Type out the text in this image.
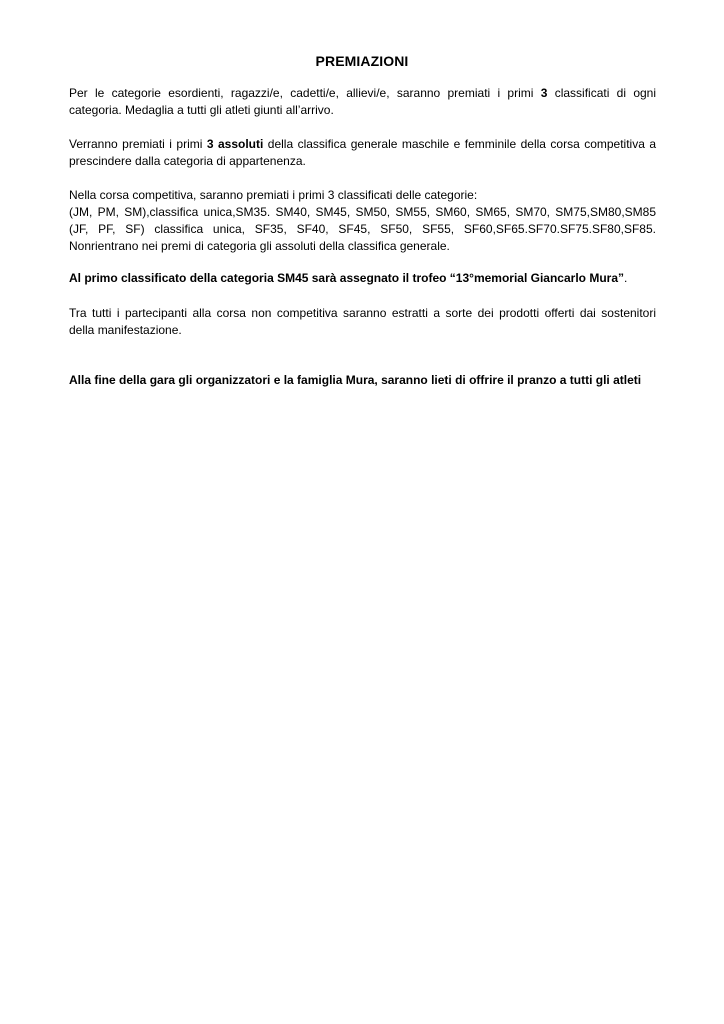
PREMIAZIONI
Per le categorie esordienti, ragazzi/e, cadetti/e, allievi/e, saranno premiati i primi 3 classificati di ogni
categoria. Medaglia a tutti gli atleti giunti all’arrivo.
Verranno premiati i primi 3 assoluti della classifica generale maschile e femminile della corsa competitiva a
prescindere dalla categoria di appartenenza.
Nella corsa competitiva, saranno premiati i primi 3 classificati delle categorie:
(JM, PM, SM),classifica unica,SM35. SM40, SM45, SM50, SM55, SM60, SM65, SM70, SM75,SM80,SM85
(JF, PF, SF) classifica unica, SF35, SF40, SF45, SF50, SF55, SF60,SF65.SF70.SF75.SF80,SF85.
Nonrientrano nei premi di categoria gli assoluti della classifica generale.
Al primo classificato della categoria SM45 sarà assegnato il trofeo “13°memorial Giancarlo Mura”.
Tra tutti i partecipanti alla corsa non competitiva saranno estratti a sorte dei prodotti offerti dai sostenitori
della manifestazione.
Alla fine della gara gli organizzatori e la famiglia Mura, saranno lieti di offrire il pranzo a tutti gli atleti
